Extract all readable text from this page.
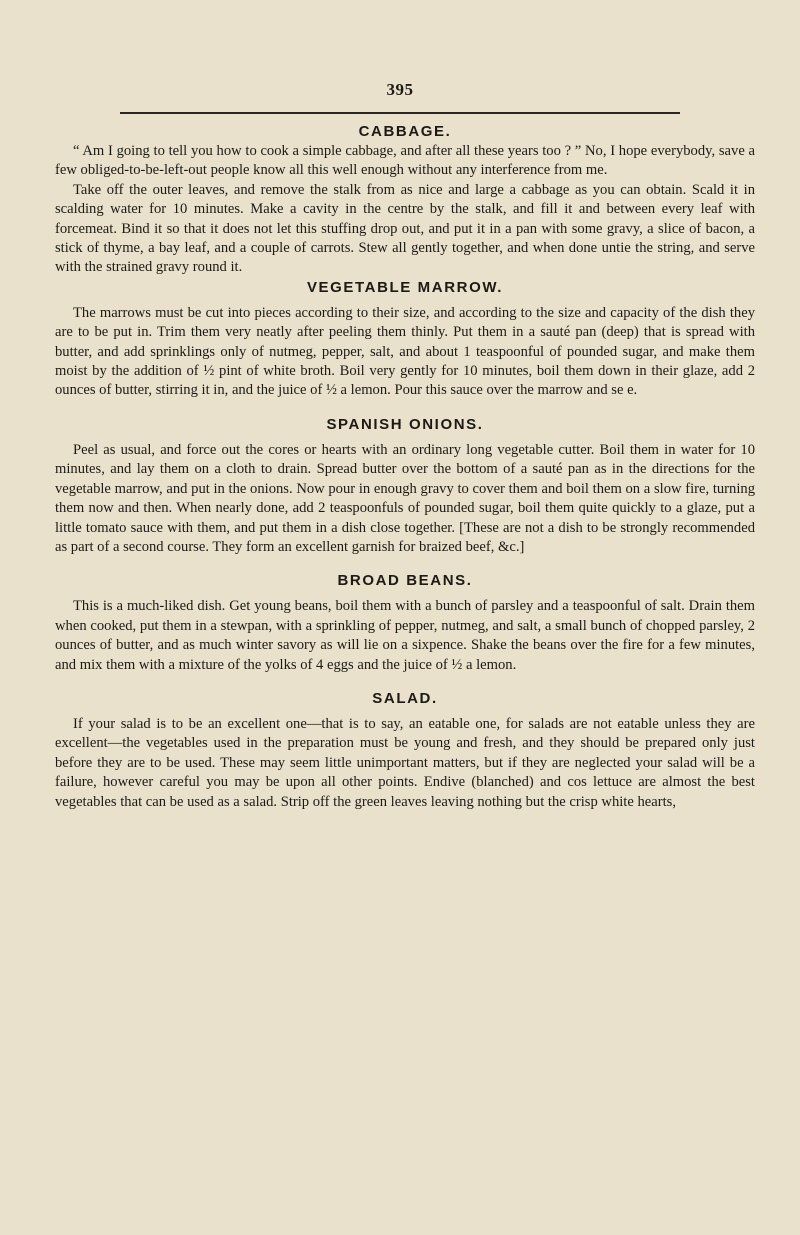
395
CABBAGE.

“ Am I going to tell you how to cook a simple cabbage, and after all these years too ? ” No, I hope everybody, save a few obliged-to-be-left-out people know all this well enough without any interference from me.

Take off the outer leaves, and remove the stalk from as nice and large a cabbage as you can obtain. Scald it in scalding water for 10 minutes. Make a cavity in the centre by the stalk, and fill it and between every leaf with forcemeat. Bind it so that it does not let this stuffing drop out, and put it in a pan with some gravy, a slice of bacon, a stick of thyme, a bay leaf, and a couple of carrots. Stew all gently together, and when done untie the string, and serve with the strained gravy round it.

VEGETABLE MARROW.

The marrows must be cut into pieces according to their size, and according to the size and capacity of the dish they are to be put in. Trim them very neatly after peeling them thinly. Put them in a sauté pan (deep) that is spread with butter, and add sprinklings only of nutmeg, pepper, salt, and about 1 teaspoonful of pounded sugar, and make them moist by the addition of ½ pint of white broth. Boil very gently for 10 minutes, boil them down in their glaze, add 2 ounces of butter, stirring it in, and the juice of ½ a lemon. Pour this sauce over the marrow and se e.

SPANISH ONIONS.

Peel as usual, and force out the cores or hearts with an ordinary long vegetable cutter. Boil them in water for 10 minutes, and lay them on a cloth to drain. Spread butter over the bottom of a sauté pan as in the directions for the vegetable marrow, and put in the onions. Now pour in enough gravy to cover them and boil them on a slow fire, turning them now and then. When nearly done, add 2 teaspoonfuls of pounded sugar, boil them quite quickly to a glaze, put a little tomato sauce with them, and put them in a dish close together. [These are not a dish to be strongly recommended as part of a second course. They form an excellent garnish for braized beef, &c.]

BROAD BEANS.

This is a much-liked dish. Get young beans, boil them with a bunch of parsley and a teaspoonful of salt. Drain them when cooked, put them in a stewpan, with a sprinkling of pepper, nutmeg, and salt, a small bunch of chopped parsley, 2 ounces of butter, and as much winter savory as will lie on a sixpence. Shake the beans over the fire for a few minutes, and mix them with a mixture of the yolks of 4 eggs and the juice of ½ a lemon.

SALAD.

If your salad is to be an excellent one—that is to say, an eatable one, for salads are not eatable unless they are excellent—the vegetables used in the preparation must be young and fresh, and they should be prepared only just before they are to be used. These may seem little unimportant matters, but if they are neglected your salad will be a failure, however careful you may be upon all other points. Endive (blanched) and cos lettuce are almost the best vegetables that can be used as a salad. Strip off the green leaves leaving nothing but the crisp white hearts,
